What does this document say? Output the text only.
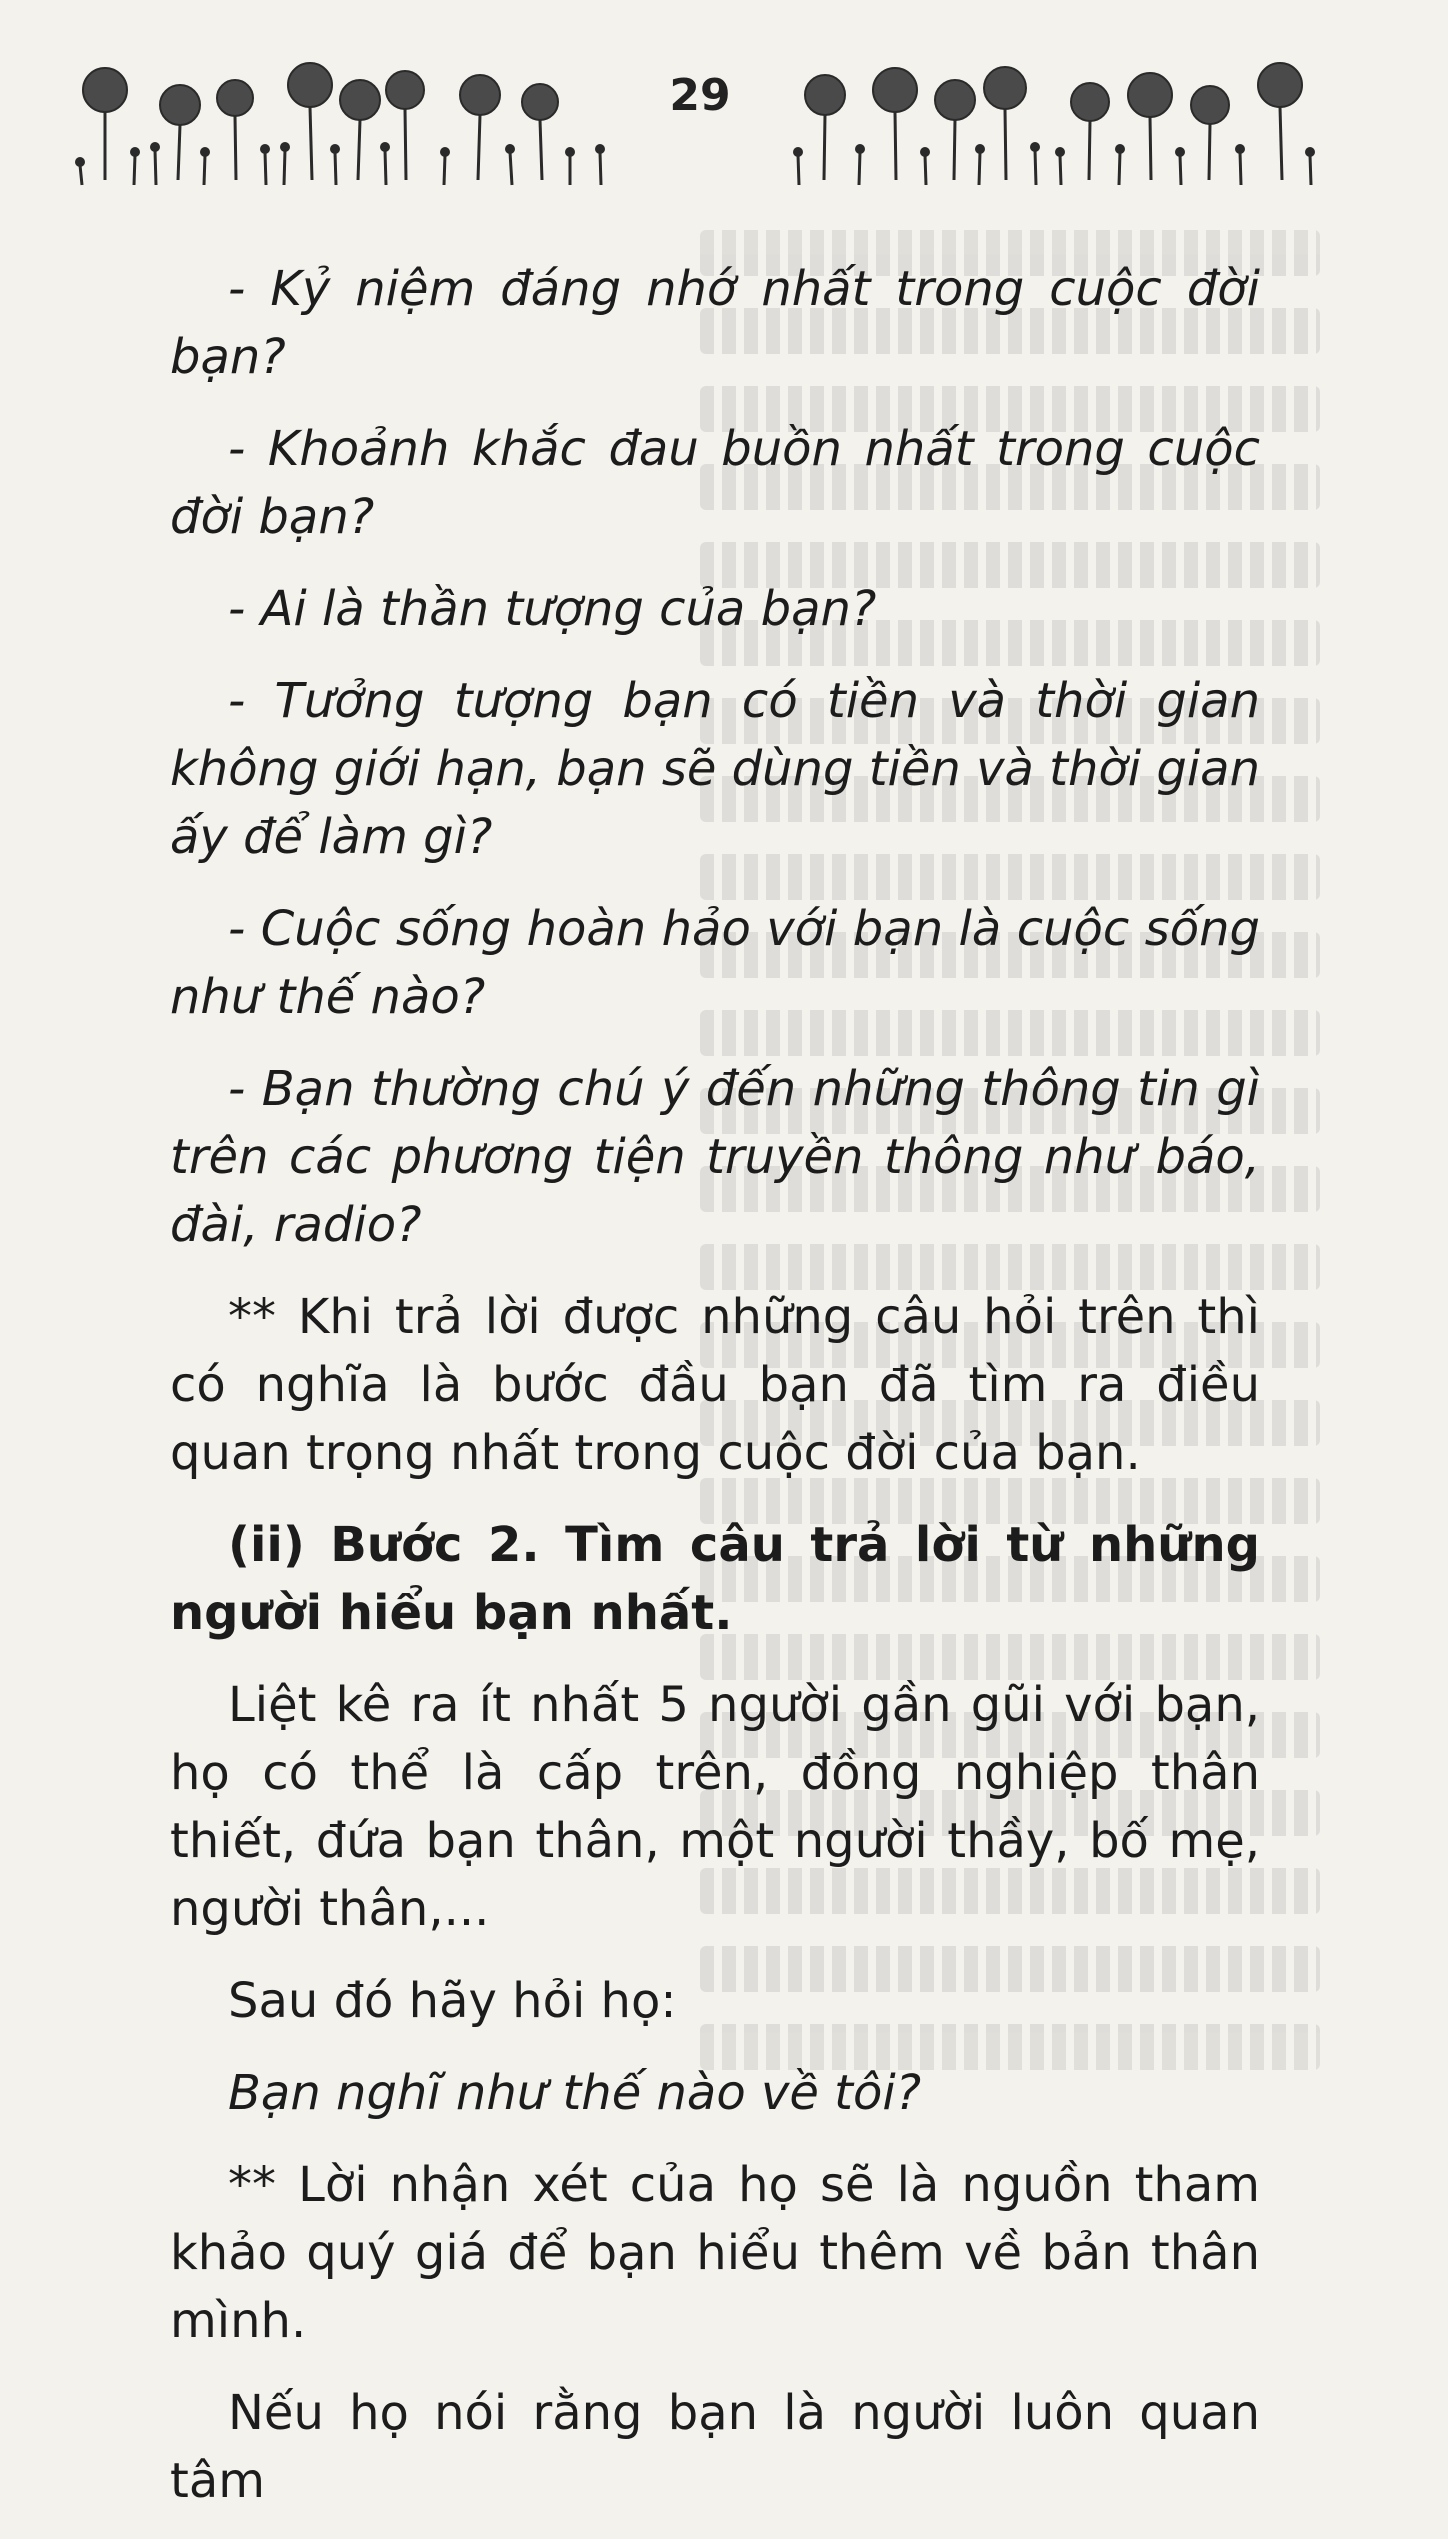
29

- Kỷ niệm đáng nhớ nhất trong cuộc đời bạn?

- Khoảnh khắc đau buồn nhất trong cuộc đời bạn?

- Ai là thần tượng của bạn?

- Tưởng tượng bạn có tiền và thời gian không giới hạn, bạn sẽ dùng tiền và thời gian ấy để làm gì?

- Cuộc sống hoàn hảo với bạn là cuộc sống như thế nào?

- Bạn thường chú ý đến những thông tin gì trên các phương tiện truyền thông như báo, đài, radio?

** Khi trả lời được những câu hỏi trên thì có nghĩa là bước đầu bạn đã tìm ra điều quan trọng nhất trong cuộc đời của bạn.

(ii) Bước 2. Tìm câu trả lời từ những người hiểu bạn nhất.

Liệt kê ra ít nhất 5 người gần gũi với bạn, họ có thể là cấp trên, đồng nghiệp thân thiết, đứa bạn thân, một người thầy, bố mẹ, người thân,...

Sau đó hãy hỏi họ:

Bạn nghĩ như thế nào về tôi?

** Lời nhận xét của họ sẽ là nguồn tham khảo quý giá để bạn hiểu thêm về bản thân mình.

Nếu họ nói rằng bạn là người luôn quan tâm
